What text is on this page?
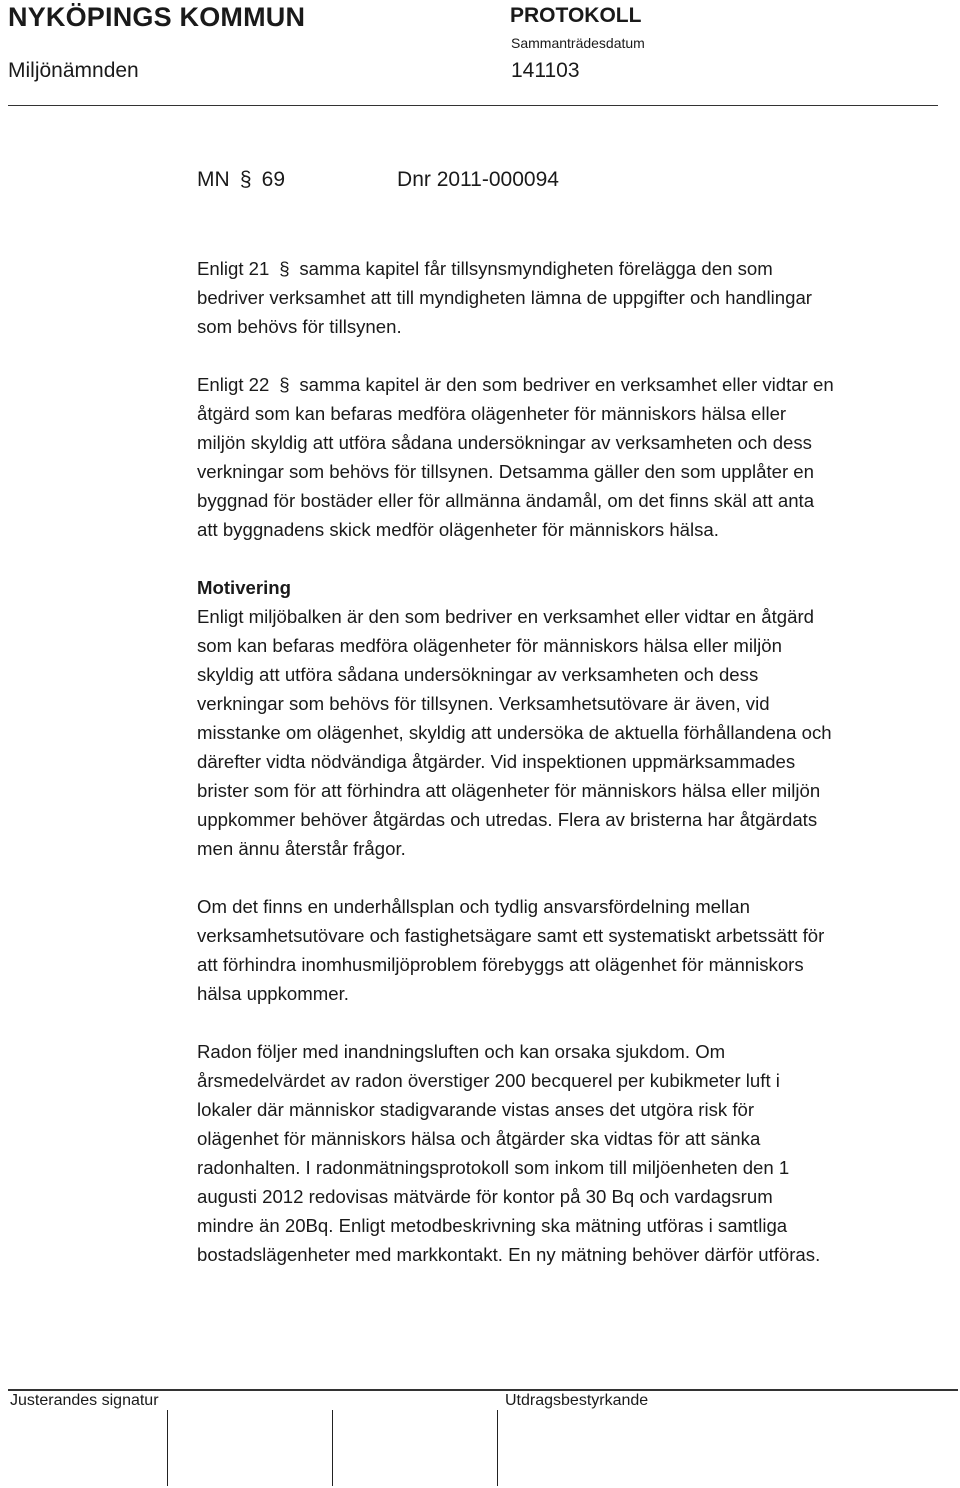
NYKÖPINGS KOMMUN	PROTOKOLL
Sammanträdesdatum
Miljönämnden	141103
MN § 69	Dnr 2011-000094

Enligt 21 § samma kapitel får tillsynsmyndigheten förelägga den som

bedriver verksamhet att till myndigheten lämna de uppgifter och handlingar

som behövs för tillsynen.

Enligt 22 § samma kapitel är den som bedriver en verksamhet eller vidtar en

åtgärd som kan befaras medföra olägenheter för människors hälsa eller

miljön skyldig att utföra sådana undersökningar av verksamheten och dess

verkningar som behövs för tillsynen. Detsamma gäller den som upplåter en

byggnad för bostäder eller för allmänna ändamål, om det finns skäl att anta

att byggnadens skick medför olägenheter för människors hälsa.

Motivering

Enligt miljöbalken är den som bedriver en verksamhet eller vidtar en åtgärd

som kan befaras medföra olägenheter för människors hälsa eller miljön

skyldig att utföra sådana undersökningar av verksamheten och dess

verkningar som behövs för tillsynen. Verksamhetsutövare är även, vid

misstanke om olägenhet, skyldig att undersöka de aktuella förhållandena och

därefter vidta nödvändiga åtgärder. Vid inspektionen uppmärksammades

brister som för att förhindra att olägenheter för människors hälsa eller miljön

uppkommer behöver åtgärdas och utredas. Flera av bristerna har åtgärdats

men ännu återstår frågor.

Om det finns en underhållsplan och tydlig ansvarsfördelning mellan

verksamhetsutövare och fastighetsägare samt ett systematiskt arbetssätt för

att förhindra inomhusmiljöproblem förebyggs att olägenhet för människors

hälsa uppkommer.

Radon följer med inandningsluften och kan orsaka sjukdom. Om

årsmedelvärdet av radon överstiger 200 becquerel per kubikmeter luft i

lokaler där människor stadigvarande vistas anses det utgöra risk för

olägenhet för människors hälsa och åtgärder ska vidtas för att sänka

radonhalten. I radonmätningsprotokoll som inkom till miljöenheten den 1

augusti 2012 redovisas mätvärde för kontor på 30 Bq och vardagsrum

mindre än 20Bq. Enligt metodbeskrivning ska mätning utföras i samtliga

bostadslägenheter med markkontakt. En ny mätning behöver därför utföras.

Justerandes signatur	Utdragsbestyrkande
